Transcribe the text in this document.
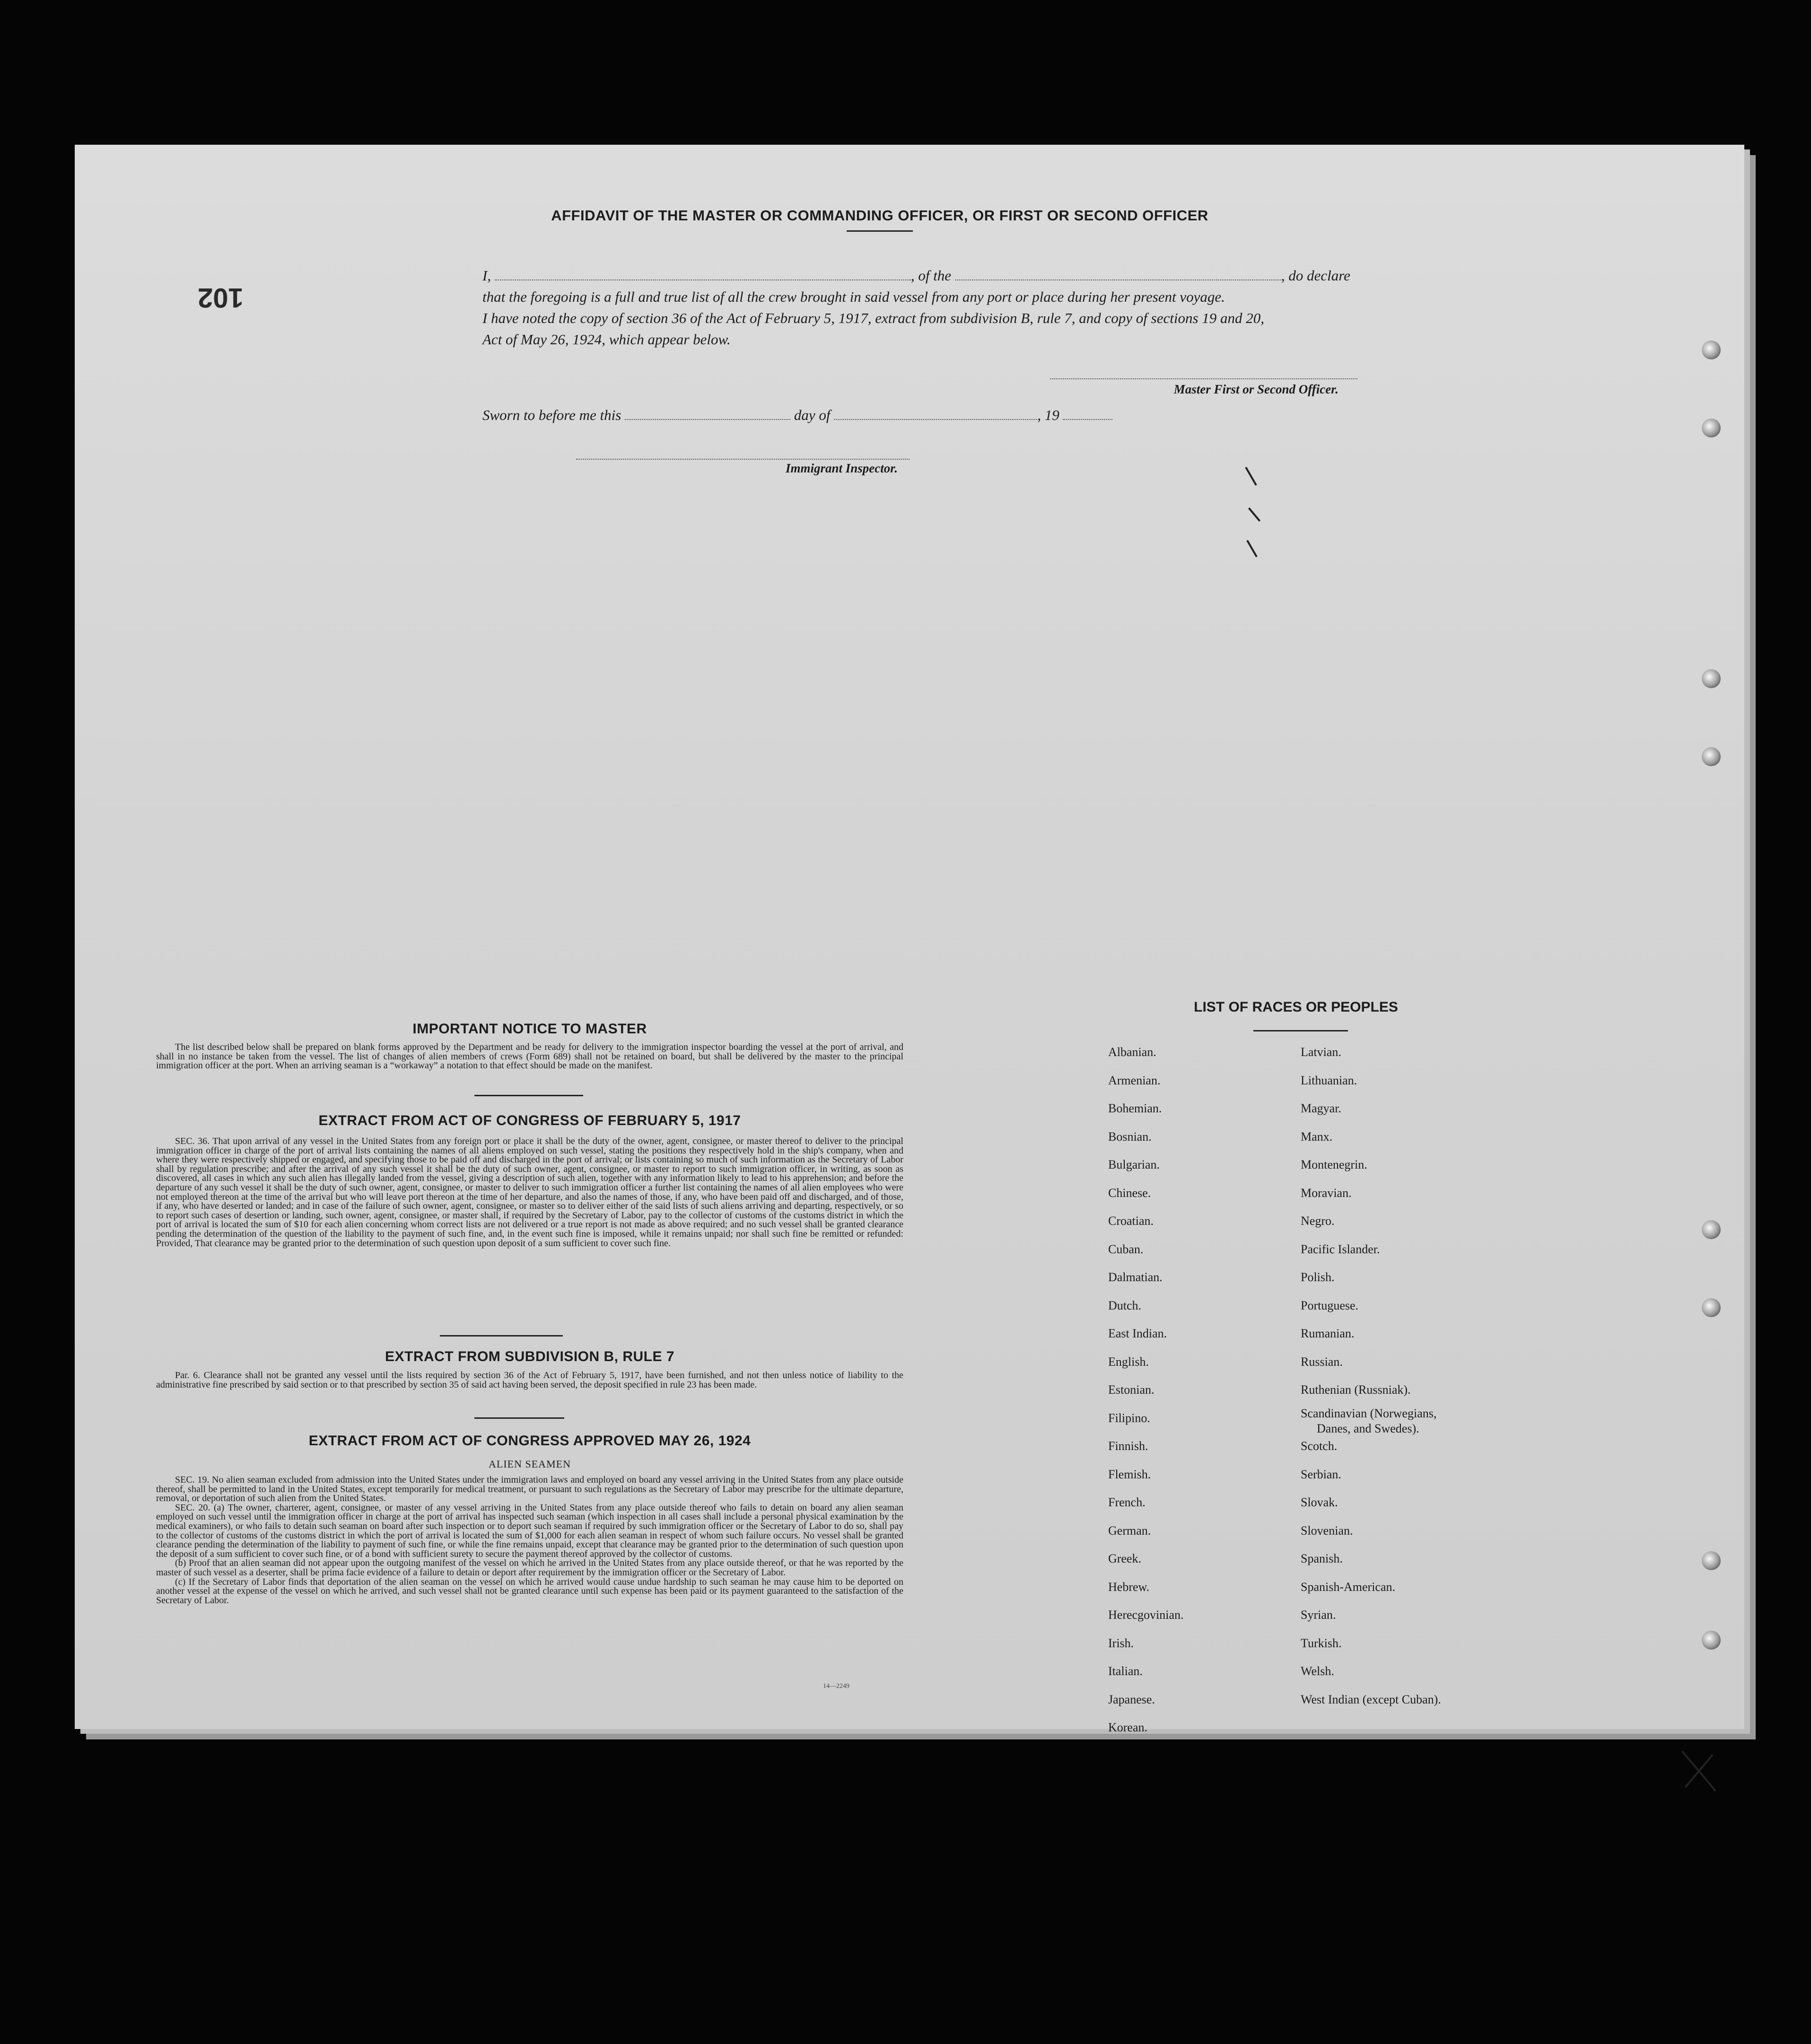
102
AFFIDAVIT OF THE MASTER OR COMMANDING OFFICER, OR FIRST OR SECOND OFFICER
I,	, of the	, do declare
that the foregoing is a full and true list of all the crew brought in said vessel from any port or place during her present voyage.
I have noted the copy of section 36 of the Act of February 5, 1917, extract from subdivision B, rule 7, and copy of sections 19 and 20,
Act of May 26, 1924, which appear below.
Master First or Second Officer.
Sworn to before me this	day of	, 19
Immigrant Inspector.
IMPORTANT NOTICE TO MASTER

The list described below shall be prepared on blank forms approved by the Department and be ready for delivery to the immigration inspector boarding the vessel at the port of arrival, and shall in no instance be taken from the vessel. The list of changes of alien members of crews (Form 689) shall not be retained on board, but shall be delivered by the master to the principal immigration officer at the port. When an arriving seaman is a “workaway” a notation to that effect should be made on the manifest.

EXTRACT FROM ACT OF CONGRESS OF FEBRUARY 5, 1917

SEC. 36. That upon arrival of any vessel in the United States from any foreign port or place it shall be the duty of the owner, agent, consignee, or master thereof to deliver to the principal immigration officer in charge of the port of arrival lists containing the names of all aliens employed on such vessel, stating the positions they respectively hold in the ship's company, when and where they were respectively shipped or engaged, and specifying those to be paid off and discharged in the port of arrival; or lists containing so much of such information as the Secretary of Labor shall by regulation prescribe; and after the arrival of any such vessel it shall be the duty of such owner, agent, consignee, or master to report to such immigration officer, in writing, as soon as discovered, all cases in which any such alien has illegally landed from the vessel, giving a description of such alien, together with any information likely to lead to his apprehension; and before the departure of any such vessel it shall be the duty of such owner, agent, consignee, or master to deliver to such immigration officer a further list containing the names of all alien employees who were not employed thereon at the time of the arrival but who will leave port thereon at the time of her departure, and also the names of those, if any, who have been paid off and discharged, and of those, if any, who have deserted or landed; and in case of the failure of such owner, agent, consignee, or master so to deliver either of the said lists of such aliens arriving and departing, respectively, or so to report such cases of desertion or landing, such owner, agent, consignee, or master shall, if required by the Secretary of Labor, pay to the collector of customs of the customs district in which the port of arrival is located the sum of $10 for each alien concerning whom correct lists are not delivered or a true report is not made as above required; and no such vessel shall be granted clearance pending the determination of the question of the liability to the payment of such fine, and, in the event such fine is imposed, while it remains unpaid; nor shall such fine be remitted or refunded: Provided, That clearance may be granted prior to the determination of such question upon deposit of a sum sufficient to cover such fine.

EXTRACT FROM SUBDIVISION B, RULE 7

Par. 6. Clearance shall not be granted any vessel until the lists required by section 36 of the Act of February 5, 1917, have been furnished, and not then unless notice of liability to the administrative fine prescribed by said section or to that prescribed by section 35 of said act having been served, the deposit specified in rule 23 has been made.

EXTRACT FROM ACT OF CONGRESS APPROVED MAY 26, 1924
ALIEN SEAMEN

SEC. 19. No alien seaman excluded from admission into the United States under the immigration laws and employed on board any vessel arriving in the United States from any place outside thereof, shall be permitted to land in the United States, except temporarily for medical treatment, or pursuant to such regulations as the Secretary of Labor may prescribe for the ultimate departure, removal, or deportation of such alien from the United States.

SEC. 20. (a) The owner, charterer, agent, consignee, or master of any vessel arriving in the United States from any place outside thereof who fails to detain on board any alien seaman employed on such vessel until the immigration officer in charge at the port of arrival has inspected such seaman (which inspection in all cases shall include a personal physical examination by the medical examiners), or who fails to detain such seaman on board after such inspection or to deport such seaman if required by such immigration officer or the Secretary of Labor to do so, shall pay to the collector of customs of the customs district in which the port of arrival is located the sum of $1,000 for each alien seaman in respect of whom such failure occurs. No vessel shall be granted clearance pending the determination of the liability to payment of such fine, or while the fine remains unpaid, except that clearance may be granted prior to the determination of such question upon the deposit of a sum sufficient to cover such fine, or of a bond with sufficient surety to secure the payment thereof approved by the collector of customs.

(b) Proof that an alien seaman did not appear upon the outgoing manifest of the vessel on which he arrived in the United States from any place outside thereof, or that he was reported by the master of such vessel as a deserter, shall be prima facie evidence of a failure to detain or deport after requirement by the immigration officer or the Secretary of Labor.

(c) If the Secretary of Labor finds that deportation of the alien seaman on the vessel on which he arrived would cause undue hardship to such seaman he may cause him to be deported on another vessel at the expense of the vessel on which he arrived, and such vessel shall not be granted clearance until such expense has been paid or its payment guaranteed to the satisfaction of the Secretary of Labor.

14—2249
LIST OF RACES OR PEOPLES
Albanian.
Armenian.
Bohemian.
Bosnian.
Bulgarian.
Chinese.
Croatian.
Cuban.
Dalmatian.
Dutch.
East Indian.
English.
Estonian.
Filipino.
Finnish.
Flemish.
French.
German.
Greek.
Hebrew.
Herecgovinian.
Irish.
Italian.
Japanese.
Korean.
Latvian.
Lithuanian.
Magyar.
Manx.
Montenegrin.
Moravian.
Negro.
Pacific Islander.
Polish.
Portuguese.
Rumanian.
Russian.
Ruthenian (Russniak).
Scandinavian (Norwegians,
Danes, and Swedes).
Scotch.
Serbian.
Slovak.
Slovenian.
Spanish.
Spanish-American.
Syrian.
Turkish.
Welsh.
West Indian (except Cuban).
